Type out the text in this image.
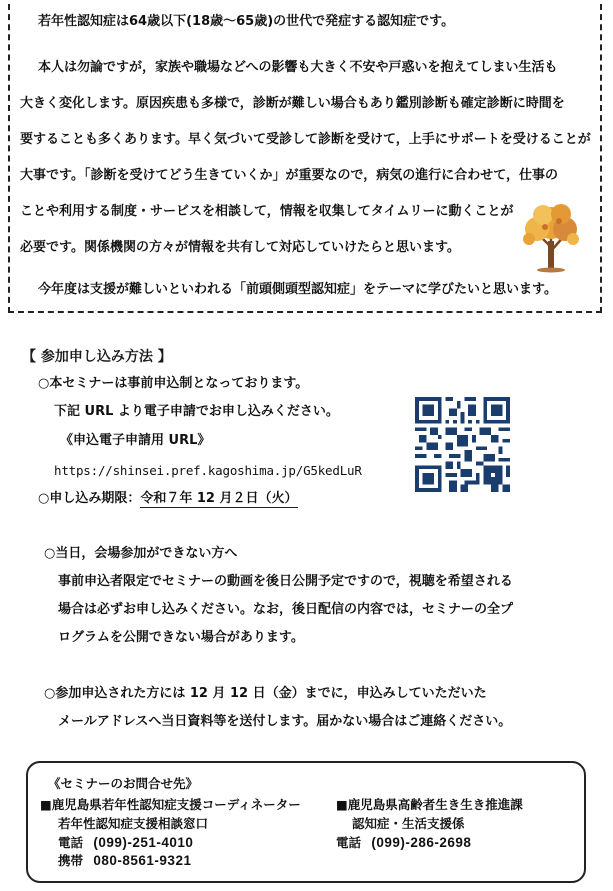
若年性認知症は64歳以下(18歳～65歳)の世代で発症する認知症です。
本人は勿論ですが，家族や職場などへの影響も大きく不安や戸惑いを抱えてしまい生活も
大きく変化します。原因疾患も多様で，診断が難しい場合もあり鑑別診断も確定診断に時間を
要することも多くあります。早く気づいて受診して診断を受けて，上手にサポートを受けることが
大事です。「診断を受けてどう生きていくか」が重要なので，病気の進行に合わせて，仕事の
ことや利用する制度・サービスを相談して，情報を収集してタイムリーに動くことが
必要です。関係機関の方々が情報を共有して対応していけたらと思います。
今年度は支援が難しいといわれる「前頭側頭型認知症」をテーマに学びたいと思います。
【 参加申し込み方法 】
○本セミナーは事前申込制となっております。
下記 URL より電子申請でお申し込みください。
《申込電子申請用 URL》
https://shinsei.pref.kagoshima.jp/G5kedLuR
○申し込み期限：令和７年 12 月２日（火）
○当日，会場参加ができない方へ
事前申込者限定でセミナーの動画を後日公開予定ですので，視聴を希望される
場合は必ずお申し込みください。なお，後日配信の内容では，セミナーの全プ
ログラムを公開できない場合があります。
○参加申込された方には 12 月 12 日（金）までに，申込みしていただいた
メールアドレスへ当日資料等を送付します。届かない場合はご連絡ください。
《セミナーのお問合せ先》
■鹿児島県若年性認知症支援コーディネーター
若年性認知症支援相談窓口
電話 (099)-251-4010
携帯 080-8561-9321
■鹿児島県高齢者生き生き推進課
認知症・生活支援係
電話 (099)-286-2698
